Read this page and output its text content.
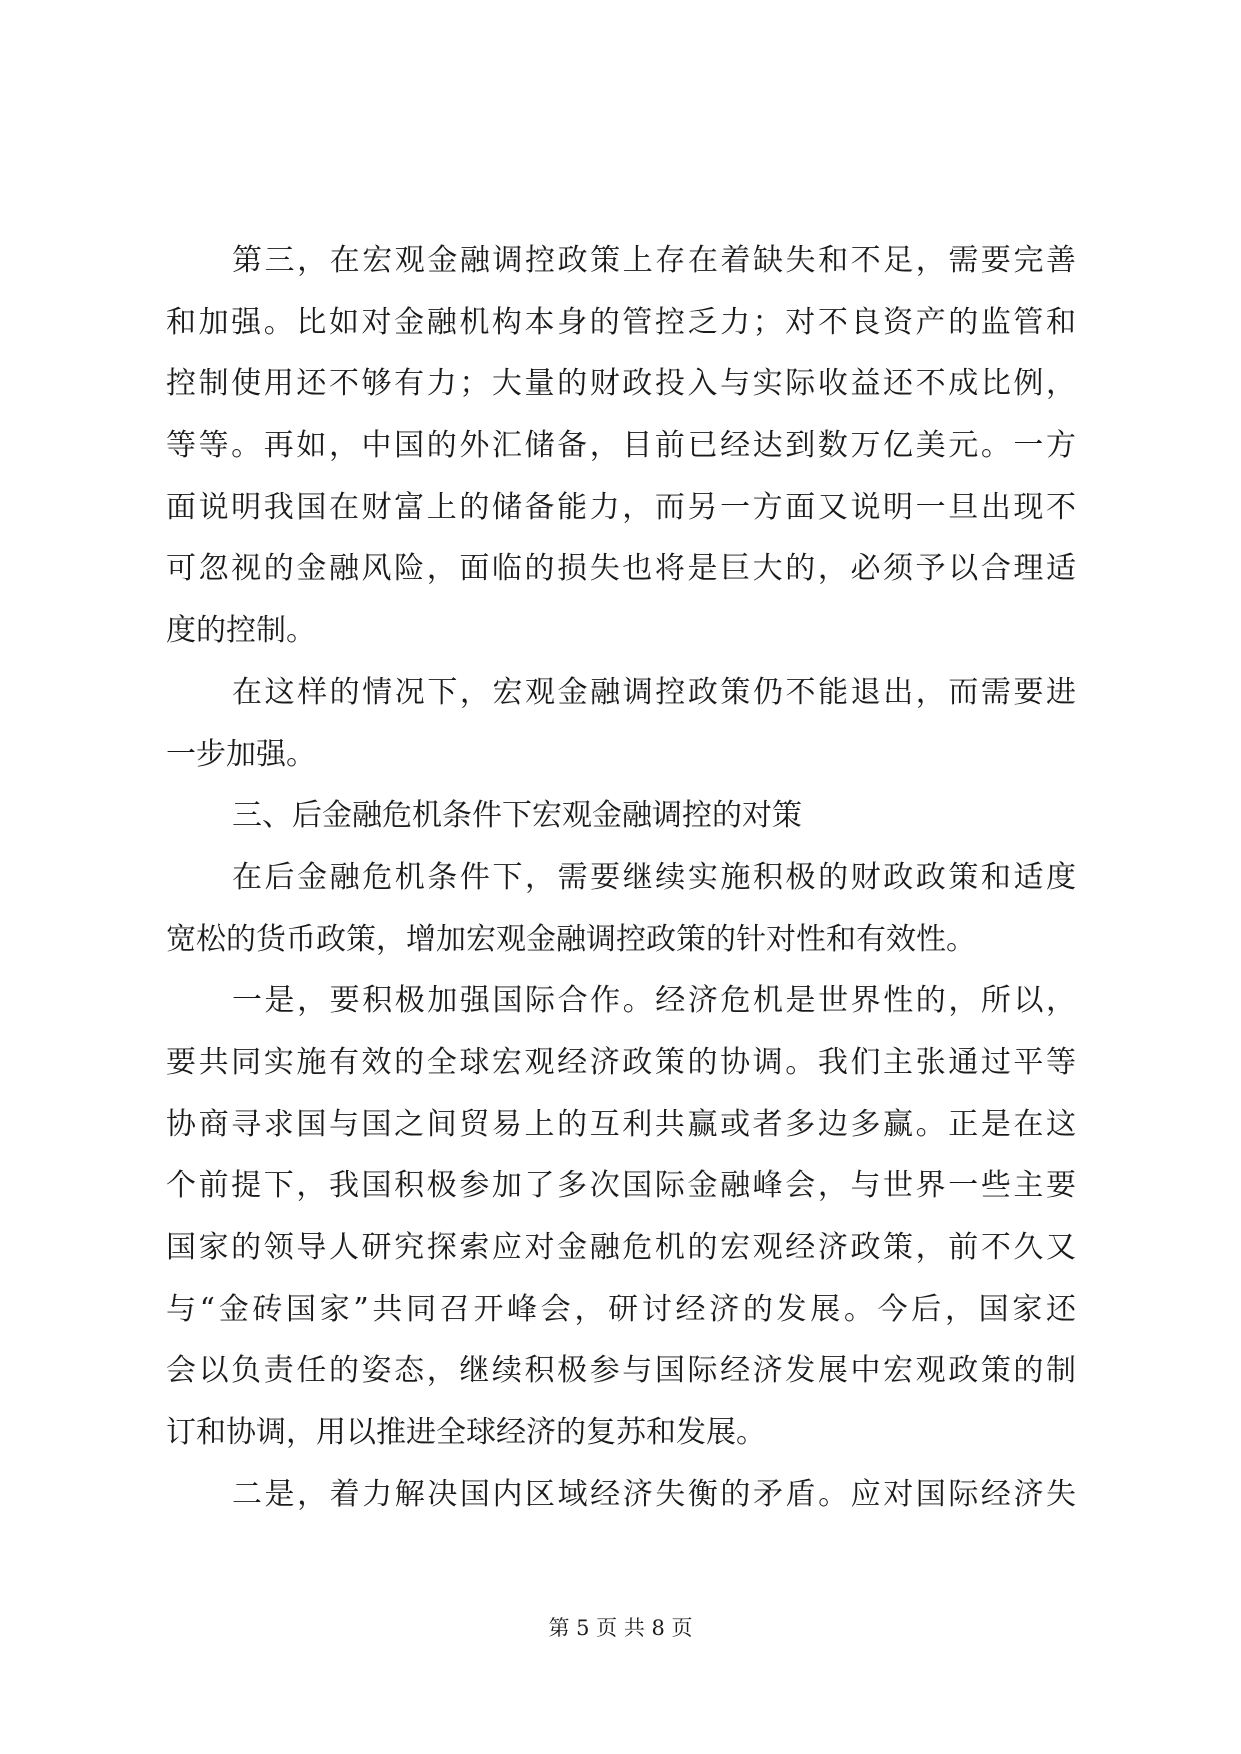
第三，在宏观金融调控政策上存在着缺失和不足，需要完善
和加强。比如对金融机构本身的管控乏力；对不良资产的监管和
控制使用还不够有力；大量的财政投入与实际收益还不成比例，
等等。再如，中国的外汇储备，目前已经达到数万亿美元。一方
面说明我国在财富上的储备能力，而另一方面又说明一旦出现不
可忽视的金融风险，面临的损失也将是巨大的，必须予以合理适
度的控制。
在这样的情况下，宏观金融调控政策仍不能退出，而需要进
一步加强。
三、后金融危机条件下宏观金融调控的对策
在后金融危机条件下，需要继续实施积极的财政政策和适度
宽松的货币政策，增加宏观金融调控政策的针对性和有效性。
一是，要积极加强国际合作。经济危机是世界性的，所以，
要共同实施有效的全球宏观经济政策的协调。我们主张通过平等
协商寻求国与国之间贸易上的互利共赢或者多边多赢。正是在这
个前提下，我国积极参加了多次国际金融峰会，与世界一些主要
国家的领导人研究探索应对金融危机的宏观经济政策，前不久又
与“金砖国家”共同召开峰会，研讨经济的发展。今后，国家还
会以负责任的姿态，继续积极参与国际经济发展中宏观政策的制
订和协调，用以推进全球经济的复苏和发展。
二是，着力解决国内区域经济失衡的矛盾。应对国际经济失
第 5 页 共 8 页
